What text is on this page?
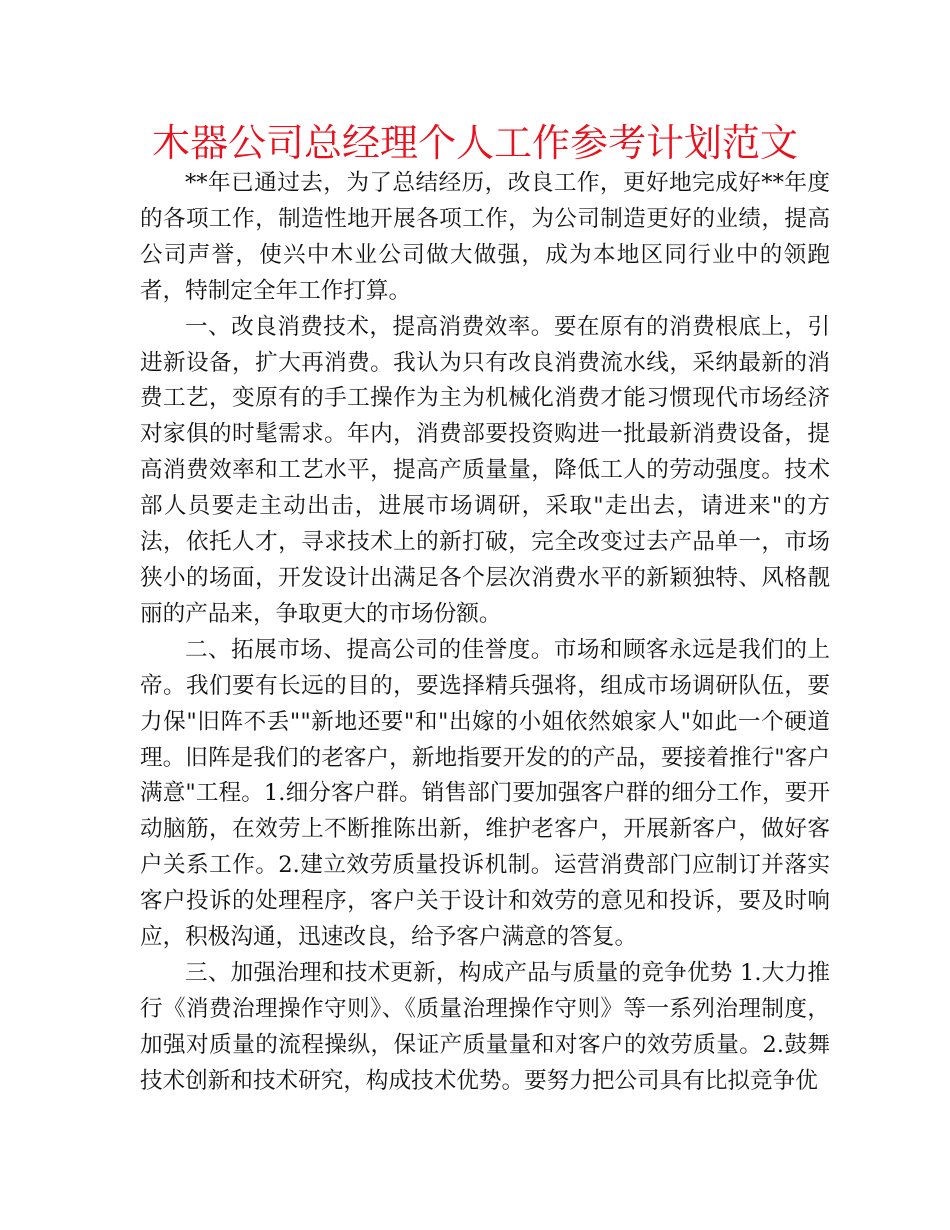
木器公司总经理个人工作参考计划范文

**年已通过去，为了总结经历，改良工作，更好地完成好**年度的各项工作，制造性地开展各项工作，为公司制造更好的业绩，提高公司声誉，使兴中木业公司做大做强，成为本地区同行业中的领跑者，特制定全年工作打算。

一、改良消费技术，提高消费效率。要在原有的消费根底上，引进新设备，扩大再消费。我认为只有改良消费流水线，采纳最新的消费工艺，变原有的手工操作为主为机械化消费才能习惯现代市场经济对家俱的时髦需求。年内，消费部要投资购进一批最新消费设备，提高消费效率和工艺水平，提高产质量量，降低工人的劳动强度。技术部人员要走主动出击，进展市场调研，采取"走出去，请进来"的方法，依托人才，寻求技术上的新打破，完全改变过去产品单一，市场狭小的场面，开发设计出满足各个层次消费水平的新颖独特、风格靓丽的产品来，争取更大的市场份额。

二、拓展市场、提高公司的佳誉度。市场和顾客永远是我们的上帝。我们要有长远的目的，要选择精兵强将，组成市场调研队伍，要力保"旧阵不丢""新地还要"和"出嫁的小姐依然娘家人"如此一个硬道理。旧阵是我们的老客户，新地指要开发的的产品，要接着推行"客户满意"工程。1.细分客户群。销售部门要加强客户群的细分工作，要开动脑筋，在效劳上不断推陈出新，维护老客户，开展新客户，做好客户关系工作。2.建立效劳质量投诉机制。运营消费部门应制订并落实客户投诉的处理程序，客户关于设计和效劳的意见和投诉，要及时响应，积极沟通，迅速改良，给予客户满意的答复。

三、加强治理和技术更新，构成产品与质量的竞争优势 1.大力推行《消费治理操作守则》、《质量治理操作守则》等一系列治理制度，加强对质量的流程操纵，保证产质量量和对客户的效劳质量。2.鼓舞技术创新和技术研究，构成技术优势。要努力把公司具有比拟竞争优
